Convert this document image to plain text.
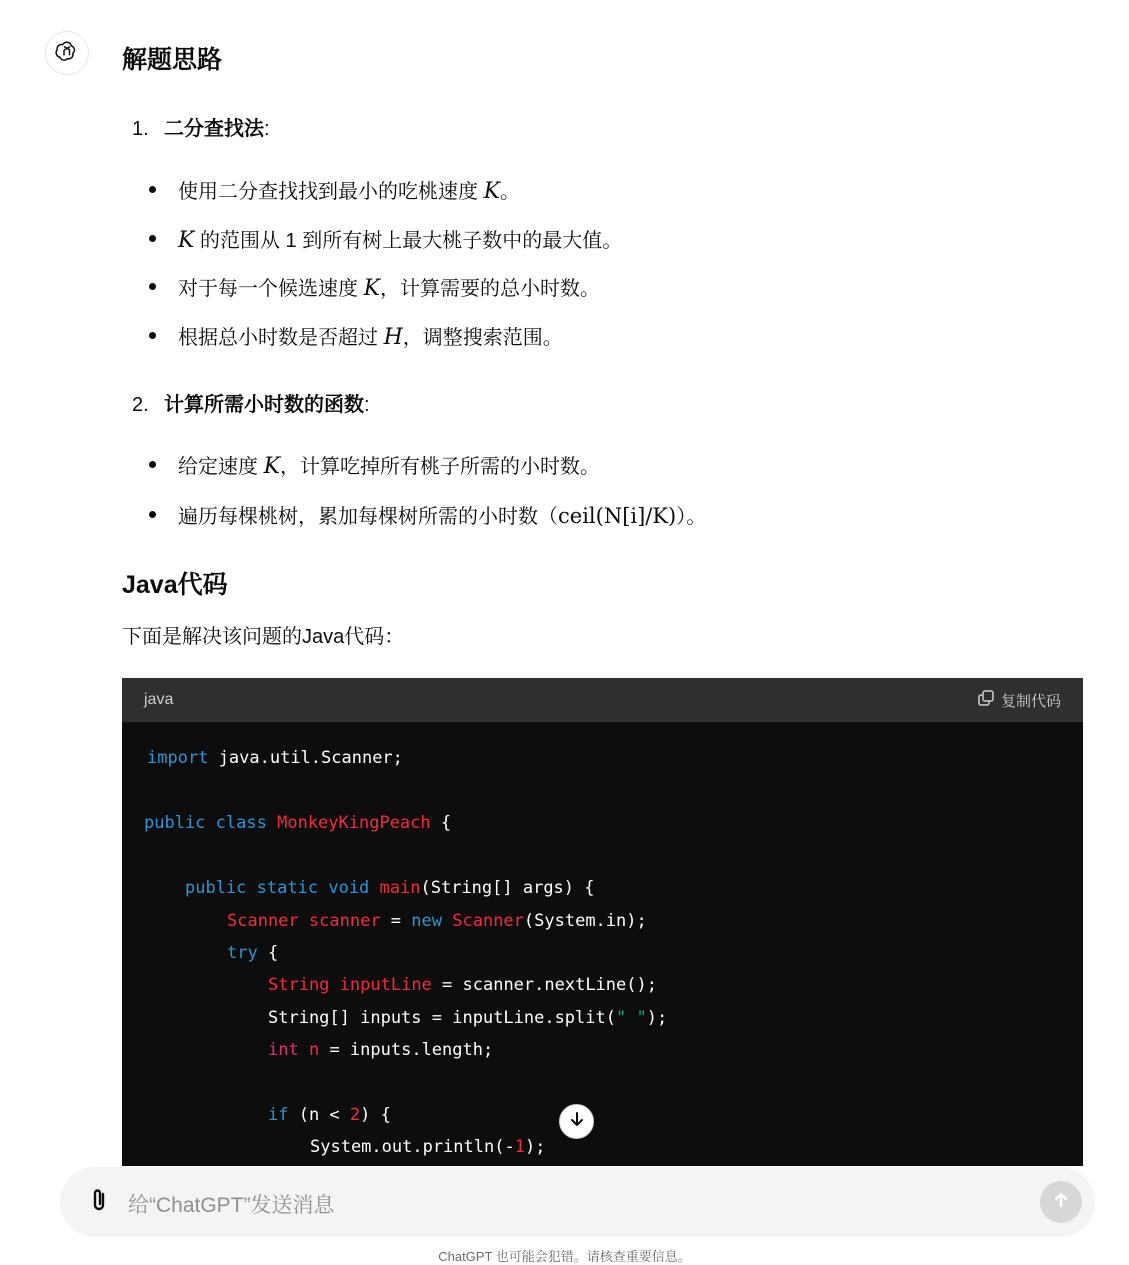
解题思路
1. 二分查找法:
使用二分查找找到最小的吃桃速度 K。
K 的范围从 1 到所有树上最大桃子数中的最大值。
对于每一个候选速度 K，计算需要的总小时数。
根据总小时数是否超过 H，调整搜索范围。
2. 计算所需小时数的函数:
给定速度 K，计算吃掉所有桃子所需的小时数。
遍历每棵桃树，累加每棵树所需的小时数（ceil(N[i]/K)）。
Java代码
下面是解决该问题的Java代码：
java	复制代码
import java.util.Scanner;
public class MonkeyKingPeach {
public static void main(String[] args) {
Scanner scanner = new Scanner(System.in);
try {
String inputLine = scanner.nextLine();
String[] inputs = inputLine.split(" ");
int n = inputs.length;
if (n < 2) {
System.out.println(-1);
给“ChatGPT”发送消息
ChatGPT 也可能会犯错。请核查重要信息。
